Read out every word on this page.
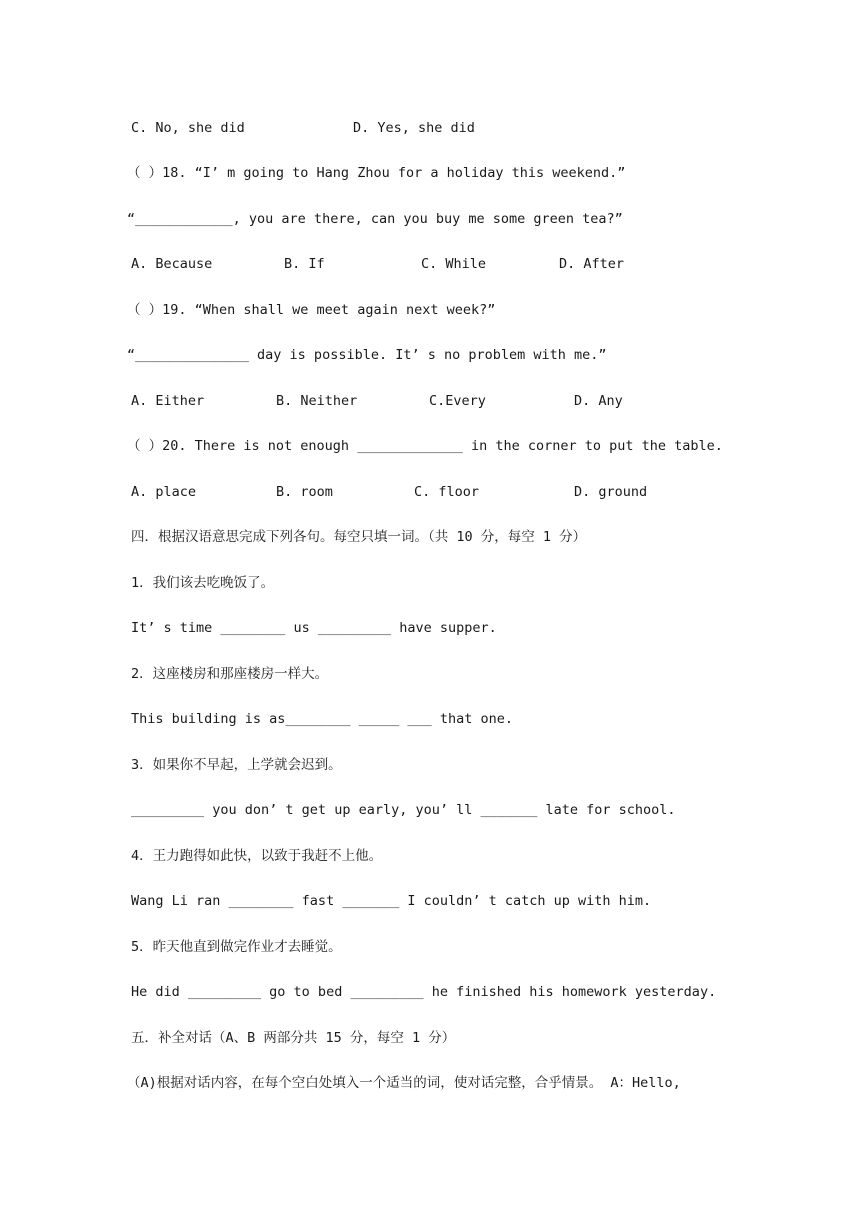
C. No, she did	D. Yes, she did
（ ）18. “I’ m going to Hang Zhou for a holiday this weekend.”
“____________, you are there, can you buy me some green tea?”
A. Because	B. If	C. While	D. After
（ ）19. “When shall we meet again next week?”
“______________ day is possible. It’ s no problem with me.”
A. Either	B. Neither	C.Every	D. Any
（ ）20. There is not enough _____________ in the corner to put the table.
A. place	B. room	C. floor	D. ground
四．根据汉语意思完成下列各句。每空只填一词。（共 10 分，每空 1 分）
1．我们该去吃晚饭了。
It’ s time ________ us _________ have supper.
2．这座楼房和那座楼房一样大。
This building is as________ _____ ___ that one.
3．如果你不早起，上学就会迟到。
_________ you don’ t get up early, you’ ll _______ late for school.
4．王力跑得如此快，以致于我赶不上他。
Wang Li ran ________ fast _______ I couldn’ t catch up with him.
5．昨天他直到做完作业才去睡觉。
He did _________ go to bed _________ he finished his homework yesterday.
五．补全对话（A、B 两部分共 15 分，每空 1 分）
（A)根据对话内容，在每个空白处填入一个适当的词，使对话完整，合乎情景。 A：Hello,
